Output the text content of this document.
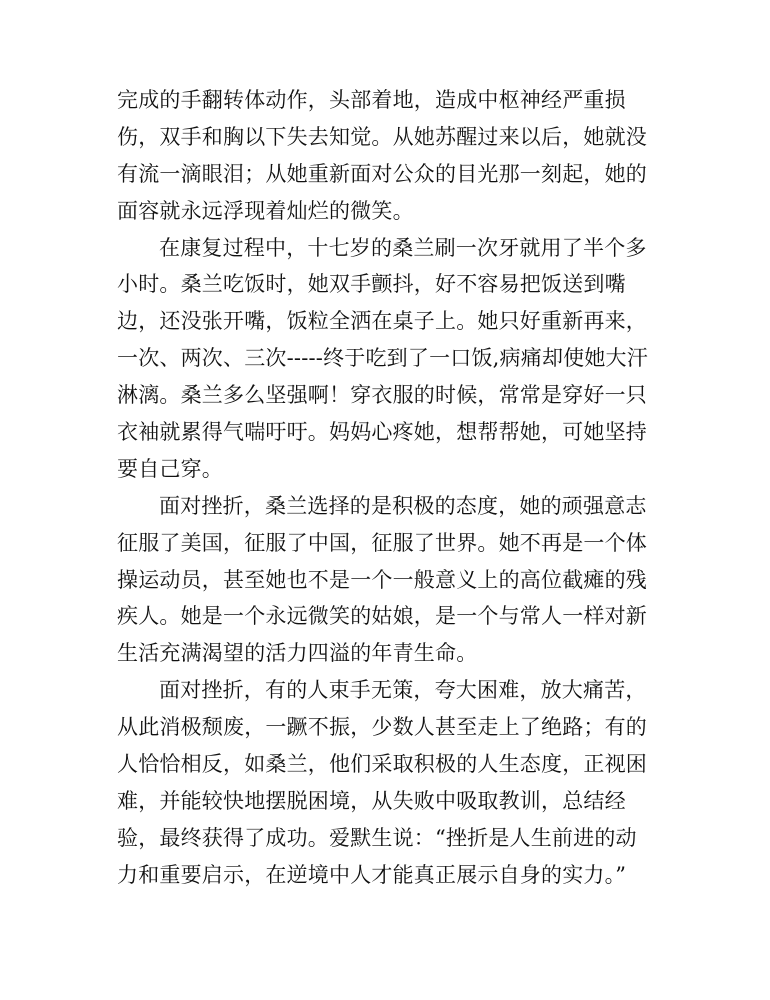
完成的手翻转体动作，头部着地，造成中枢神经严重损
伤，双手和胸以下失去知觉。从她苏醒过来以后，她就没
有流一滴眼泪；从她重新面对公众的目光那一刻起，她的
面容就永远浮现着灿烂的微笑。
在康复过程中，十七岁的桑兰刷一次牙就用了半个多
小时。桑兰吃饭时，她双手颤抖，好不容易把饭送到嘴
边，还没张开嘴，饭粒全洒在桌子上。她只好重新再来，
一次、两次、三次-----终于吃到了一口饭,病痛却使她大汗
淋漓。桑兰多么坚强啊！穿衣服的时候，常常是穿好一只
衣袖就累得气喘吁吁。妈妈心疼她，想帮帮她，可她坚持
要自己穿。
面对挫折，桑兰选择的是积极的态度，她的顽强意志
征服了美国，征服了中国，征服了世界。她不再是一个体
操运动员，甚至她也不是一个一般意义上的高位截瘫的残
疾人。她是一个永远微笑的姑娘，是一个与常人一样对新
生活充满渴望的活力四溢的年青生命。
面对挫折，有的人束手无策，夸大困难，放大痛苦，
从此消极颓废，一蹶不振，少数人甚至走上了绝路；有的
人恰恰相反，如桑兰，他们采取积极的人生态度，正视困
难，并能较快地摆脱困境，从失败中吸取教训，总结经
验，最终获得了成功。爱默生说：“挫折是人生前进的动
力和重要启示，在逆境中人才能真正展示自身的实力。”
